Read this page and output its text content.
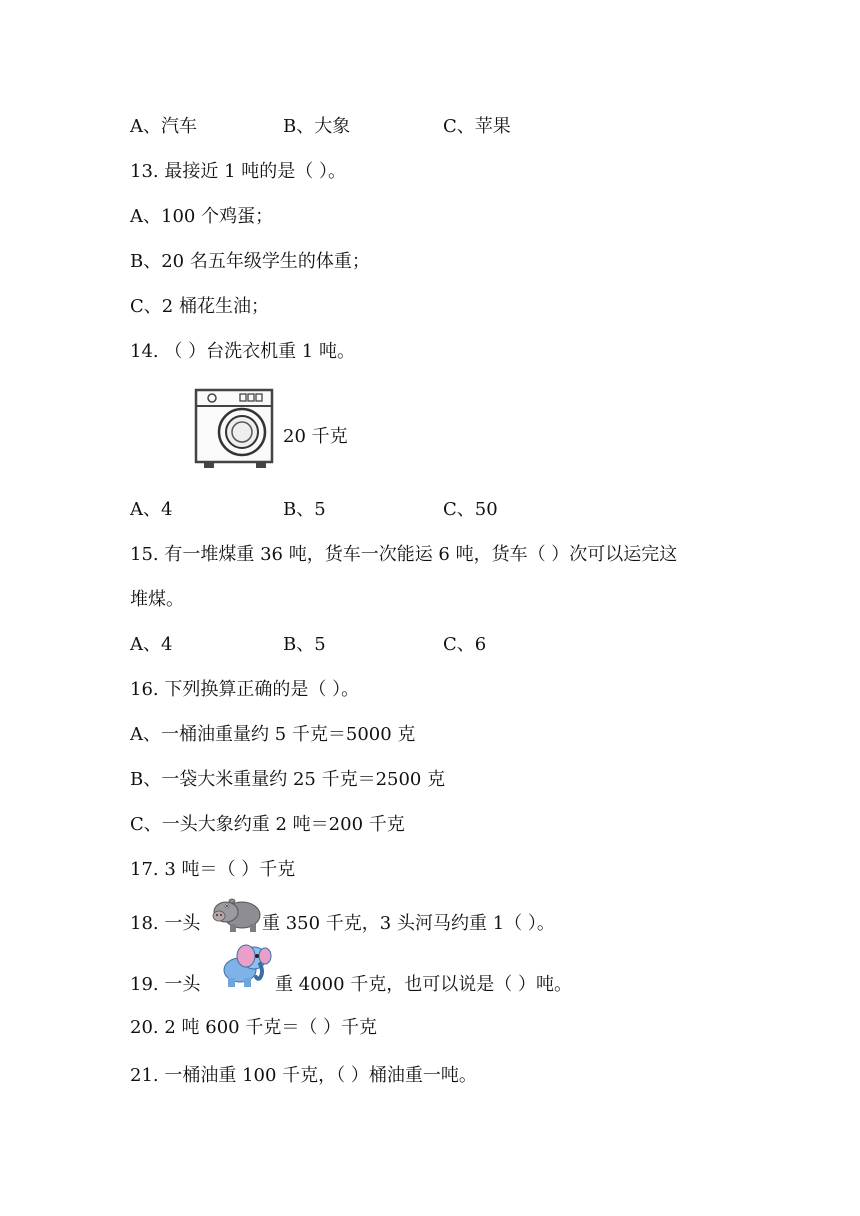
A、汽车	B、大象	C、苹果
13. 最接近 1 吨的是（ ）。
A、100 个鸡蛋；
B、20 名五年级学生的体重；
C、2 桶花生油；
14. （ ）台洗衣机重 1 吨。
20 千克
A、4	B、5	C、50
15. 有一堆煤重 36 吨，货车一次能运 6 吨，货车（ ）次可以运完这
堆煤。
A、4	B、5	C、6
16. 下列换算正确的是（ ）。
A、一桶油重量约 5 千克＝5000 克
B、一袋大米重量约 25 千克＝2500 克
C、一头大象约重 2 吨＝200 千克
17. 3 吨＝（ ）千克
18. 一头	重 350 千克，3 头河马约重 1（ ）。
19. 一头	重 4000 千克，也可以说是（ ）吨。
20. 2 吨 600 千克＝（ ）千克
21. 一桶油重 100 千克，（ ）桶油重一吨。
